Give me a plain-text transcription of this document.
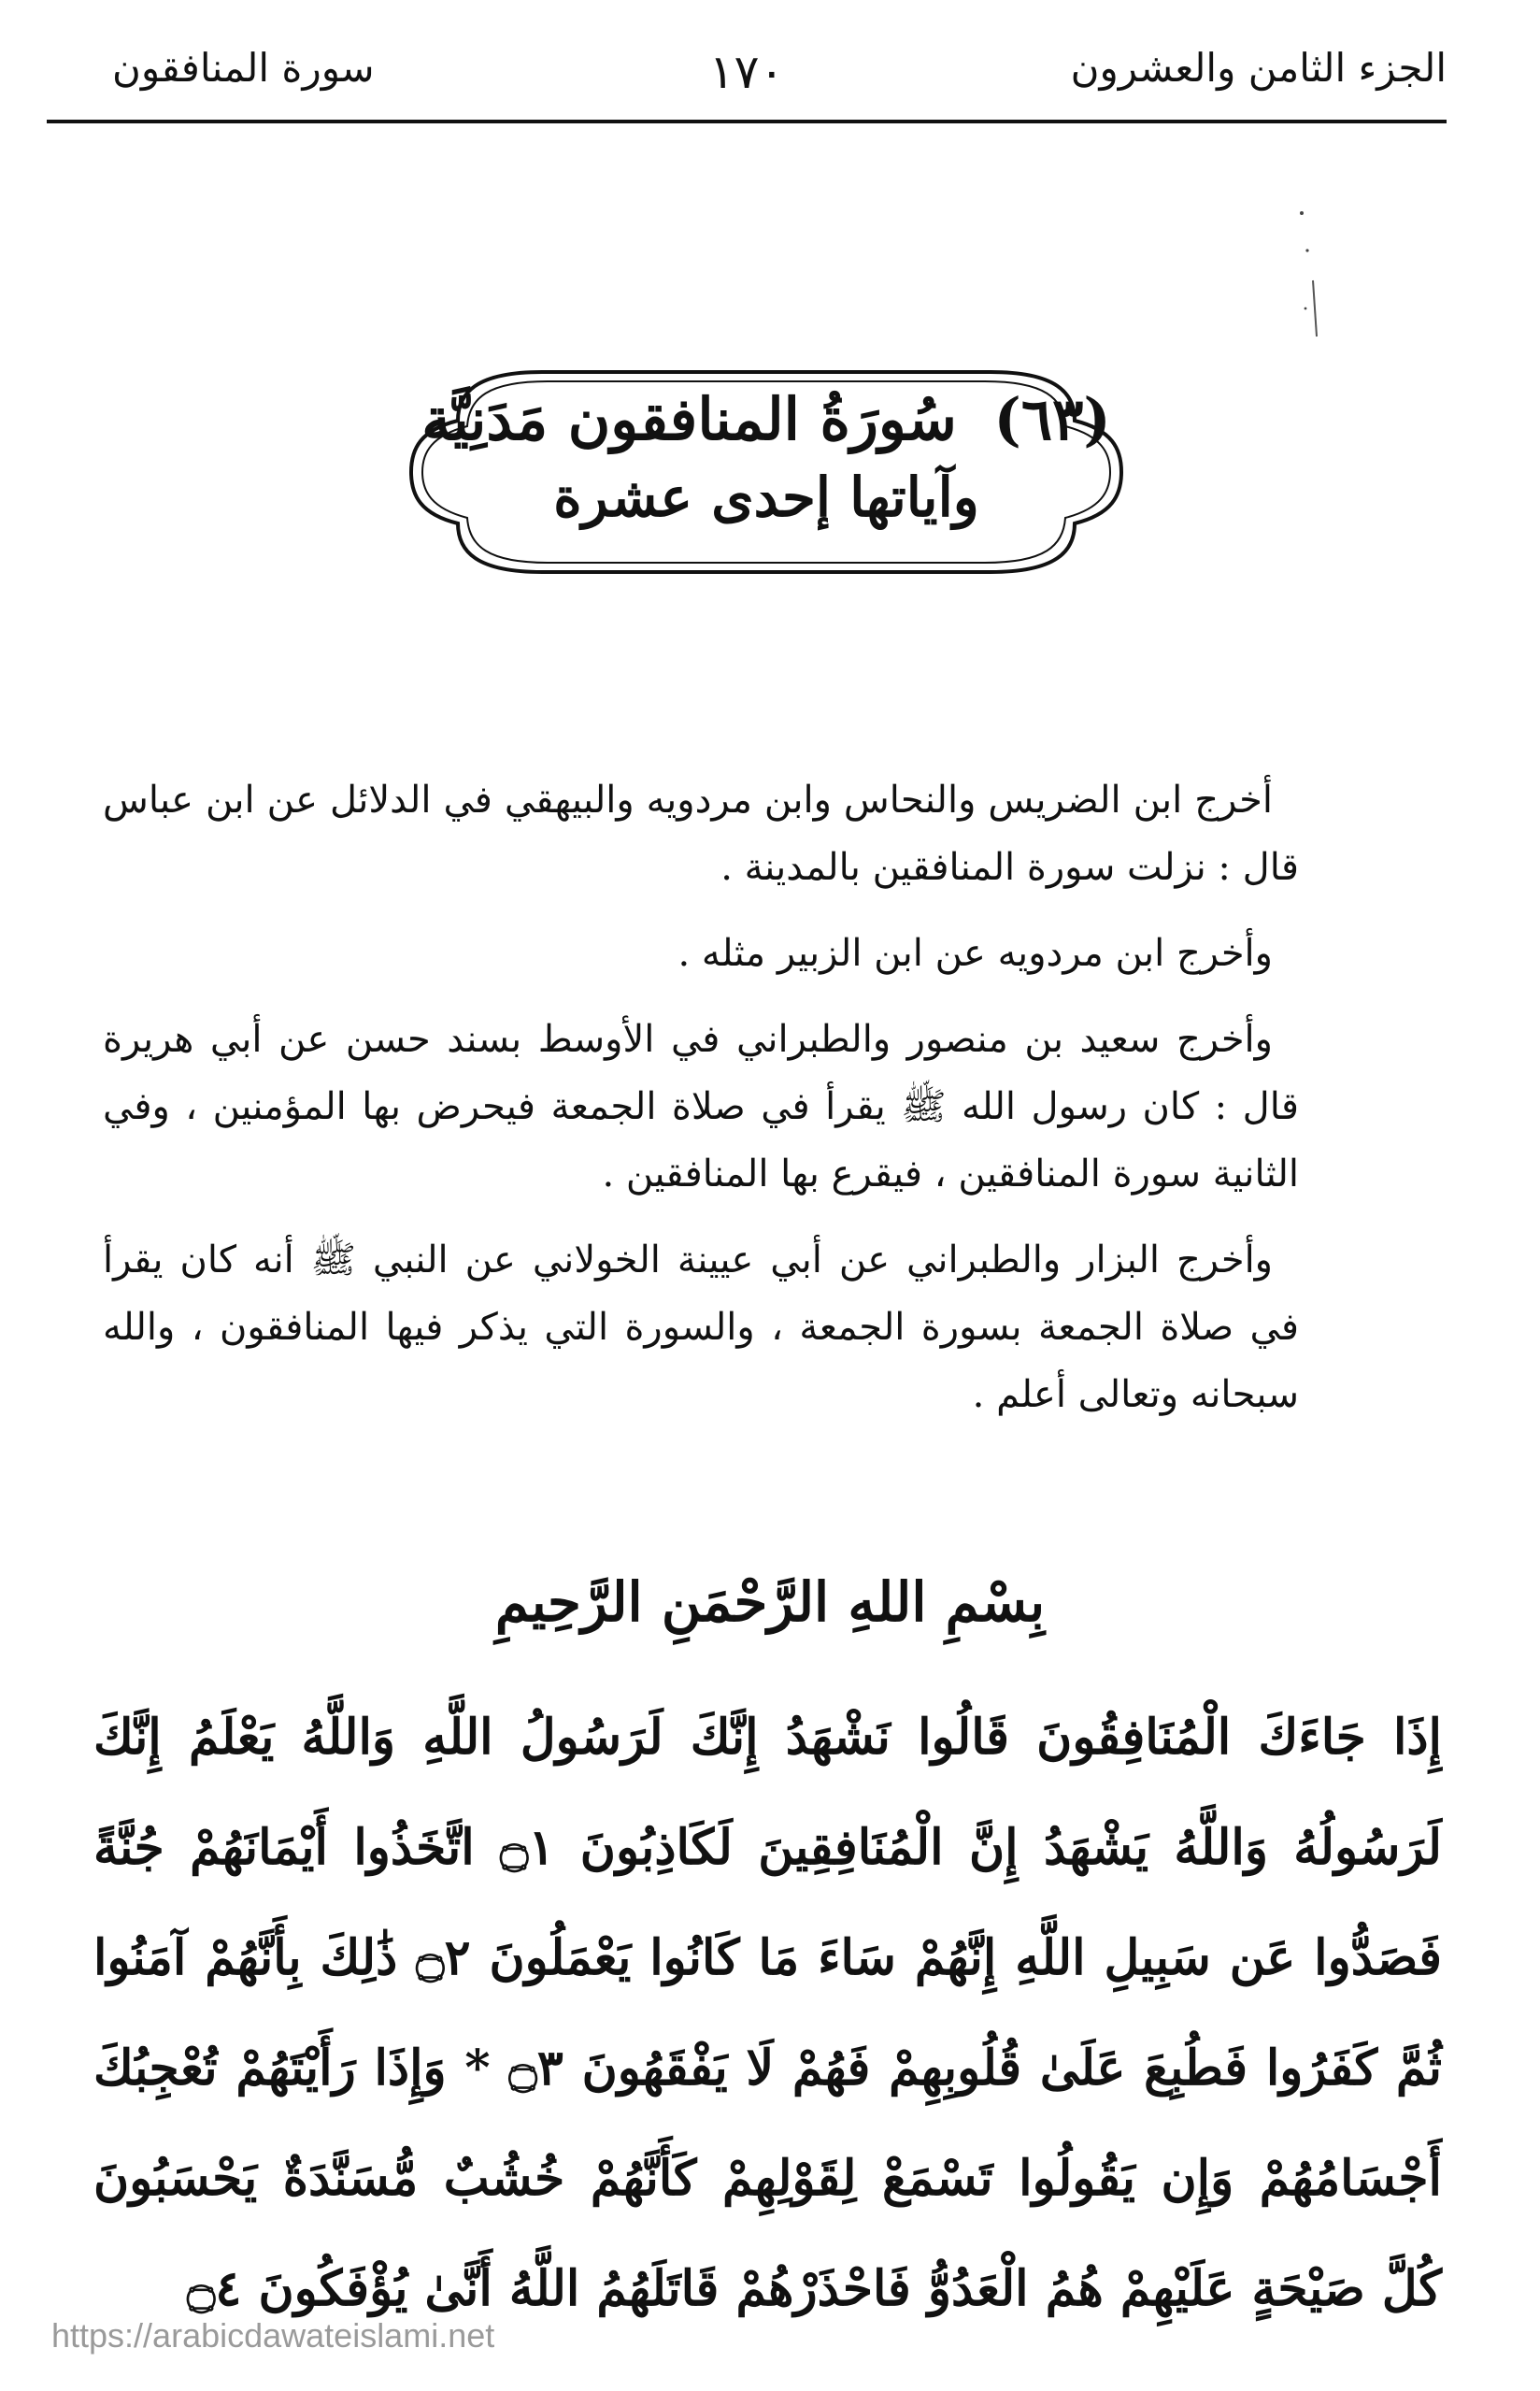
الجزء الثامن والعشرون
١٧٠
سورة المنافقون
(٦٣) سُورَةُ المنافقون مَدَنِيَّة
وآياتها إحدى عشرة

أخرج ابن الضريس والنحاس وابن مردويه والبيهقي في الدلائل عن ابن عباس قال : نزلت سورة المنافقين بالمدينة .

وأخرج ابن مردويه عن ابن الزبير مثله .

وأخرج سعيد بن منصور والطبراني في الأوسط بسند حسن عن أبي هريرة قال : كان رسول الله ﷺ يقرأ في صلاة الجمعة فيحرض بها المؤمنين ، وفي الثانية سورة المنافقين ، فيقرع بها المنافقين .

وأخرج البزار والطبراني عن أبي عيينة الخولاني عن النبي ﷺ أنه كان يقرأ في صلاة الجمعة بسورة الجمعة ، والسورة التي يذكر فيها المنافقون ، والله سبحانه وتعالى أعلم .

بِسْمِ اللهِ الرَّحْمَنِ الرَّحِيمِ
إِذَا جَاءَكَ الْمُنَافِقُونَ قَالُوا نَشْهَدُ إِنَّكَ لَرَسُولُ اللَّهِ وَاللَّهُ يَعْلَمُ إِنَّكَ لَرَسُولُهُ وَاللَّهُ يَشْهَدُ إِنَّ الْمُنَافِقِينَ لَكَاذِبُونَ ۝١ اتَّخَذُوا أَيْمَانَهُمْ جُنَّةً فَصَدُّوا عَن سَبِيلِ اللَّهِ إِنَّهُمْ سَاءَ مَا كَانُوا يَعْمَلُونَ ۝٢ ذَٰلِكَ بِأَنَّهُمْ آمَنُوا ثُمَّ كَفَرُوا فَطُبِعَ عَلَىٰ قُلُوبِهِمْ فَهُمْ لَا يَفْقَهُونَ ۝٣ * وَإِذَا رَأَيْتَهُمْ تُعْجِبُكَ أَجْسَامُهُمْ وَإِن يَقُولُوا تَسْمَعْ لِقَوْلِهِمْ كَأَنَّهُمْ خُشُبٌ مُّسَنَّدَةٌ يَحْسَبُونَ كُلَّ صَيْحَةٍ عَلَيْهِمْ هُمُ الْعَدُوُّ فَاحْذَرْهُمْ قَاتَلَهُمُ اللَّهُ أَنَّىٰ يُؤْفَكُونَ ۝٤
https://arabicdawateislami.net
